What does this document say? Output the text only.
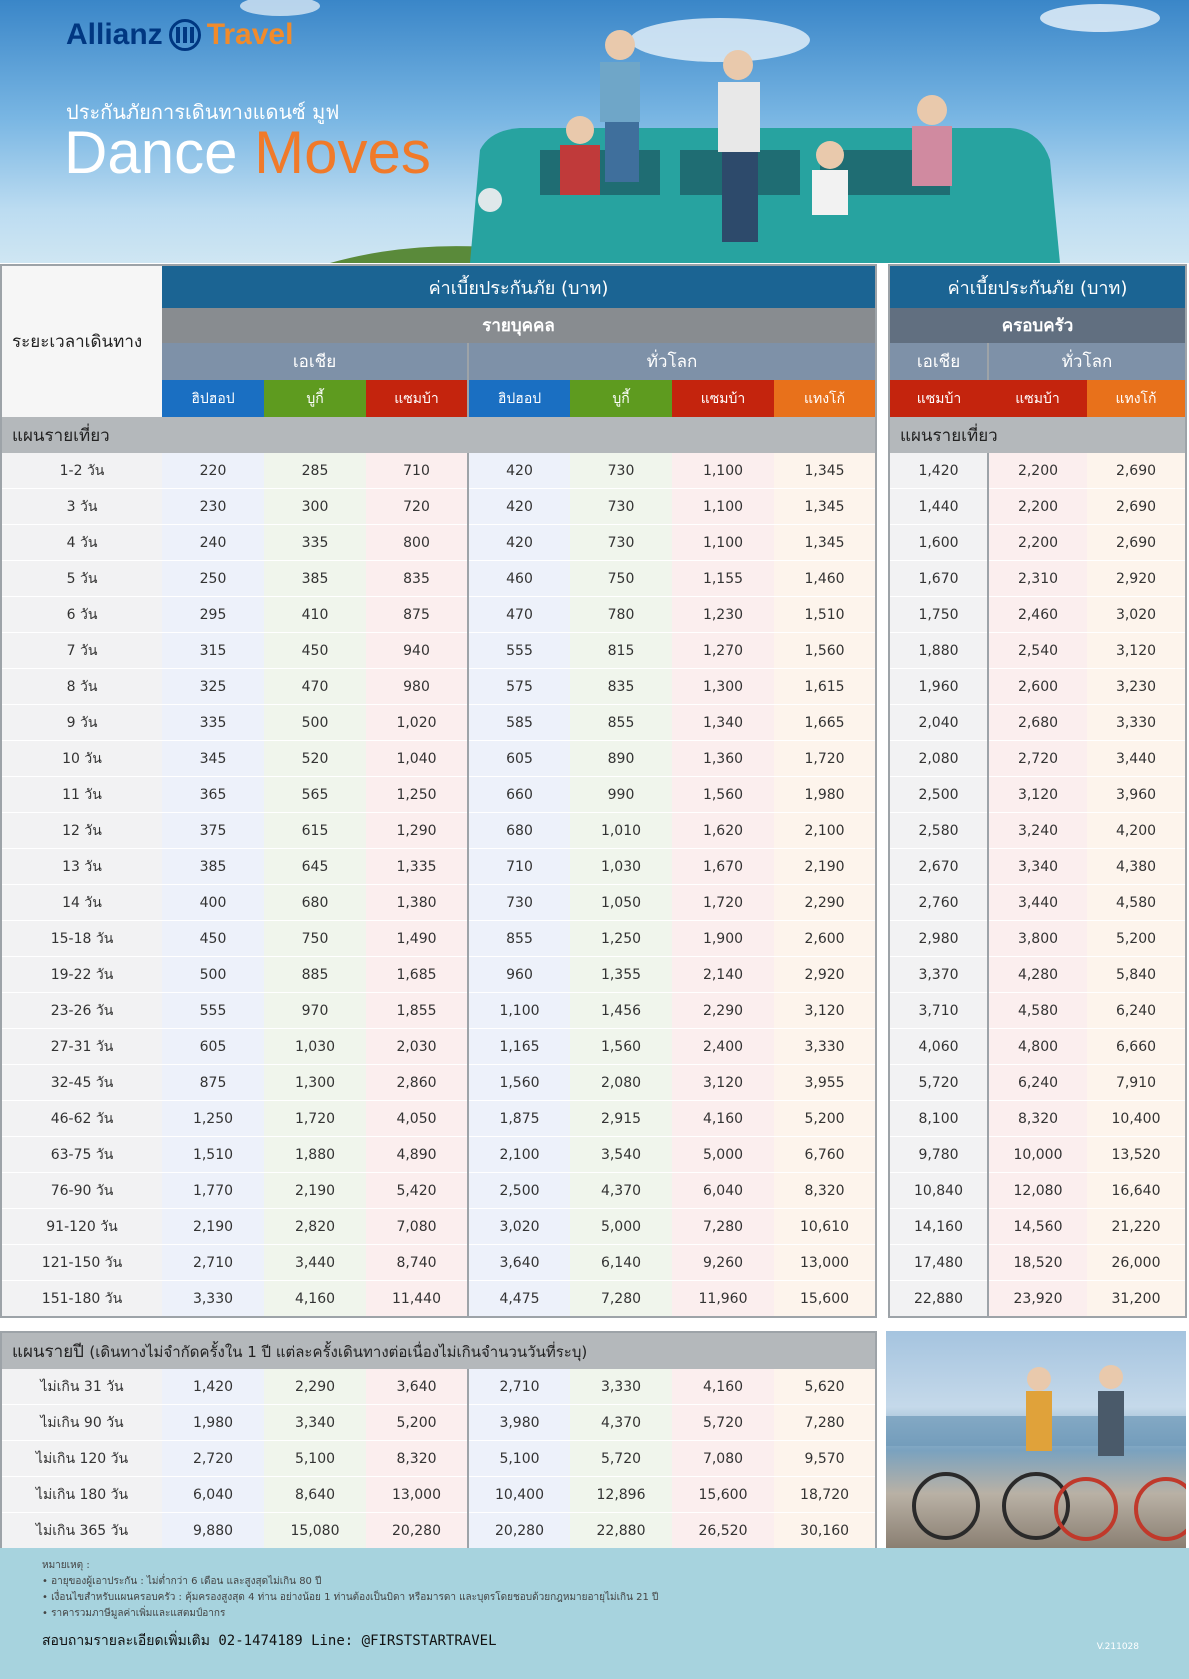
Allianz Travel
ประกันภัยการเดินทางแดนซ์ มูฟ
Dance Moves
ระยะเวลาเดินทาง	ค่าเบี้ยประกันภัย (บาท)						
	รายบุคคล						
	เอเชีย			ทั่วโลก			
	ฮิปฮอป	บูกี้	แซมบ้า	ฮิปฮอป	บูกี้	แซมบ้า	แทงโก้
แผนรายเที่ยว							
1-2 วัน	220	285	710	420	730	1,100	1,345
3 วัน	230	300	720	420	730	1,100	1,345
4 วัน	240	335	800	420	730	1,100	1,345
5 วัน	250	385	835	460	750	1,155	1,460
6 วัน	295	410	875	470	780	1,230	1,510
7 วัน	315	450	940	555	815	1,270	1,560
8 วัน	325	470	980	575	835	1,300	1,615
9 วัน	335	500	1,020	585	855	1,340	1,665
10 วัน	345	520	1,040	605	890	1,360	1,720
11 วัน	365	565	1,250	660	990	1,560	1,980
12 วัน	375	615	1,290	680	1,010	1,620	2,100
13 วัน	385	645	1,335	710	1,030	1,670	2,190
14 วัน	400	680	1,380	730	1,050	1,720	2,290
15-18 วัน	450	750	1,490	855	1,250	1,900	2,600
19-22 วัน	500	885	1,685	960	1,355	2,140	2,920
23-26 วัน	555	970	1,855	1,100	1,456	2,290	3,120
27-31 วัน	605	1,030	2,030	1,165	1,560	2,400	3,330
32-45 วัน	875	1,300	2,860	1,560	2,080	3,120	3,955
46-62 วัน	1,250	1,720	4,050	1,875	2,915	4,160	5,200
63-75 วัน	1,510	1,880	4,890	2,100	3,540	5,000	6,760
76-90 วัน	1,770	2,190	5,420	2,500	4,370	6,040	8,320
91-120 วัน	2,190	2,820	7,080	3,020	5,000	7,280	10,610
121-150 วัน	2,710	3,440	8,740	3,640	6,140	9,260	13,000
151-180 วัน	3,330	4,160	11,440	4,475	7,280	11,960	15,600
ค่าเบี้ยประกันภัย (บาท)		
ครอบครัว		
เอเชีย	ทั่วโลก	
แซมบ้า	แซมบ้า	แทงโก้
แผนรายเที่ยว		
1,420	2,200	2,690
1,440	2,200	2,690
1,600	2,200	2,690
1,670	2,310	2,920
1,750	2,460	3,020
1,880	2,540	3,120
1,960	2,600	3,230
2,040	2,680	3,330
2,080	2,720	3,440
2,500	3,120	3,960
2,580	3,240	4,200
2,670	3,340	4,380
2,760	3,440	4,580
2,980	3,800	5,200
3,370	4,280	5,840
3,710	4,580	6,240
4,060	4,800	6,660
5,720	6,240	7,910
8,100	8,320	10,400
9,780	10,000	13,520
10,840	12,080	16,640
14,160	14,560	21,220
17,480	18,520	26,000
22,880	23,920	31,200
แผนรายปี (เดินทางไม่จำกัดครั้งใน 1 ปี แต่ละครั้งเดินทางต่อเนื่องไม่เกินจำนวนวันที่ระบุ)							
ไม่เกิน 31 วัน	1,420	2,290	3,640	2,710	3,330	4,160	5,620
ไม่เกิน 90 วัน	1,980	3,340	5,200	3,980	4,370	5,720	7,280
ไม่เกิน 120 วัน	2,720	5,100	8,320	5,100	5,720	7,080	9,570
ไม่เกิน 180 วัน	6,040	8,640	13,000	10,400	12,896	15,600	18,720
ไม่เกิน 365 วัน	9,880	15,080	20,280	20,280	22,880	26,520	30,160
หมายเหตุ :
• อายุของผู้เอาประกัน : ไม่ต่ำกว่า 6 เดือน และสูงสุดไม่เกิน 80 ปี
• เงื่อนไขสำหรับแผนครอบครัว : คุ้มครองสูงสุด 4 ท่าน อย่างน้อย 1 ท่านต้องเป็นบิดา หรือมารดา และบุตรโดยชอบด้วยกฎหมายอายุไม่เกิน 21 ปี
• ราคารวมภาษีมูลค่าเพิ่มและแสตมป์อากร
สอบถามรายละเอียดเพิ่มเติม 02-1474189 Line: @FIRSTSTARTRAVEL	V.211028
